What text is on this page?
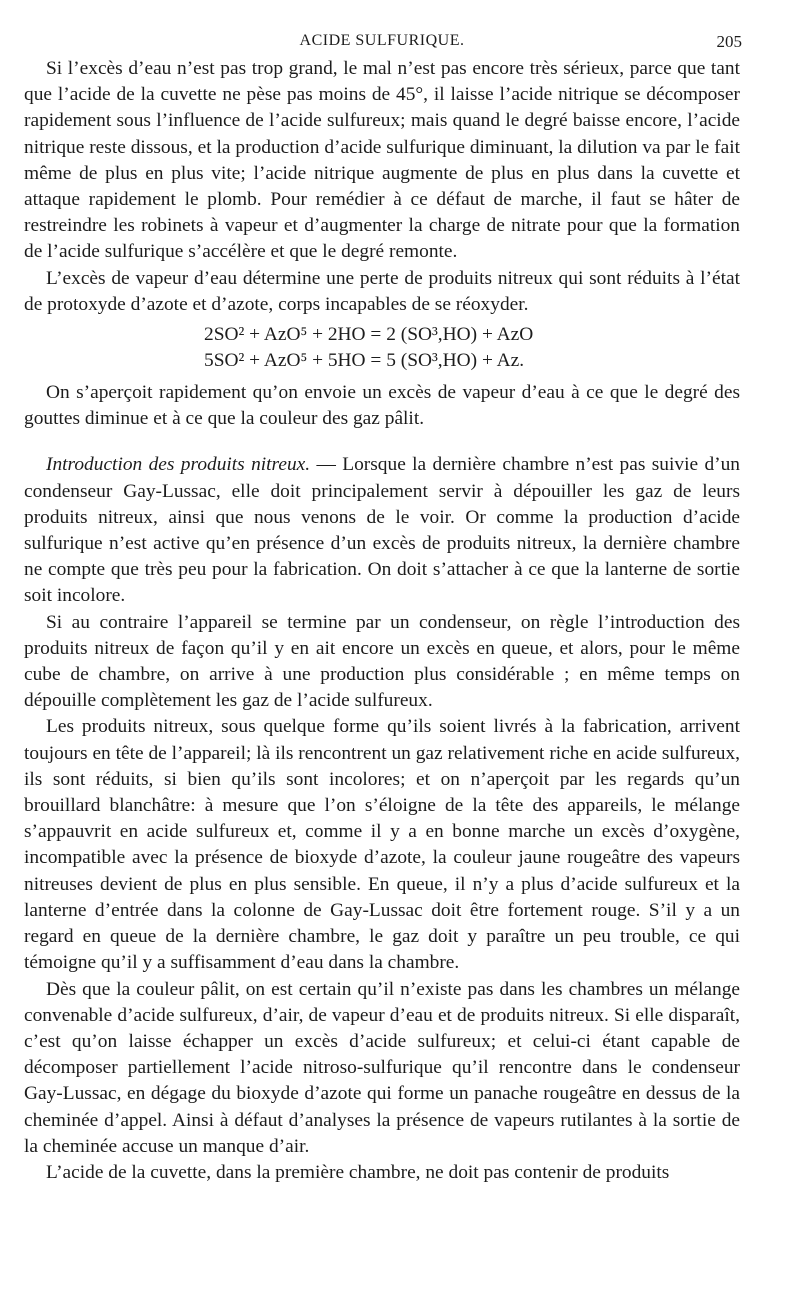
ACIDE SULFURIQUE.	205

Si l’excès d’eau n’est pas trop grand, le mal n’est pas encore très sérieux, parce que tant que l’acide de la cuvette ne pèse pas moins de 45°, il laisse l’acide nitrique se décomposer rapidement sous l’influence de l’acide sulfureux; mais quand le degré baisse encore, l’acide nitrique reste dissous, et la production d’acide sulfurique diminuant, la dilution va par le fait même de plus en plus vite; l’acide nitrique augmente de plus en plus dans la cuvette et attaque rapidement le plomb. Pour remédier à ce défaut de marche, il faut se hâter de restreindre les robinets à vapeur et d’augmenter la charge de nitrate pour que la formation de l’acide sulfurique s’accélère et que le degré remonte.

L’excès de vapeur d’eau détermine une perte de produits nitreux qui sont réduits à l’état de protoxyde d’azote et d’azote, corps incapables de se réoxyder.

2SO² + AzO⁵ + 2HO = 2 (SO³,HO) + AzO
5SO² + AzO⁵ + 5HO = 5 (SO³,HO) + Az.

On s’aperçoit rapidement qu’on envoie un excès de vapeur d’eau à ce que le degré des gouttes diminue et à ce que la couleur des gaz pâlit.

Introduction des produits nitreux. — Lorsque la dernière chambre n’est pas suivie d’un condenseur Gay-Lussac, elle doit principalement servir à dépouiller les gaz de leurs produits nitreux, ainsi que nous venons de le voir. Or comme la production d’acide sulfurique n’est active qu’en présence d’un excès de produits nitreux, la dernière chambre ne compte que très peu pour la fabrication. On doit s’attacher à ce que la lanterne de sortie soit incolore.

Si au contraire l’appareil se termine par un condenseur, on règle l’introduction des produits nitreux de façon qu’il y en ait encore un excès en queue, et alors, pour le même cube de chambre, on arrive à une production plus considérable ; en même temps on dépouille complètement les gaz de l’acide sulfureux.

Les produits nitreux, sous quelque forme qu’ils soient livrés à la fabrication, arrivent toujours en tête de l’appareil; là ils rencontrent un gaz relativement riche en acide sulfureux, ils sont réduits, si bien qu’ils sont incolores; et on n’aperçoit par les regards qu’un brouillard blanchâtre: à mesure que l’on s’éloigne de la tête des appareils, le mélange s’appauvrit en acide sulfureux et, comme il y a en bonne marche un excès d’oxygène, incompatible avec la présence de bioxyde d’azote, la couleur jaune rougeâtre des vapeurs nitreuses devient de plus en plus sensible. En queue, il n’y a plus d’acide sulfureux et la lanterne d’entrée dans la colonne de Gay-Lussac doit être fortement rouge. S’il y a un regard en queue de la dernière chambre, le gaz doit y paraître un peu trouble, ce qui témoigne qu’il y a suffisamment d’eau dans la chambre.

Dès que la couleur pâlit, on est certain qu’il n’existe pas dans les chambres un mélange convenable d’acide sulfureux, d’air, de vapeur d’eau et de produits nitreux. Si elle disparaît, c’est qu’on laisse échapper un excès d’acide sulfureux; et celui-ci étant capable de décomposer partiellement l’acide nitroso-sulfurique qu’il rencontre dans le condenseur Gay-Lussac, en dégage du bioxyde d’azote qui forme un panache rougeâtre en dessus de la cheminée d’appel. Ainsi à défaut d’analyses la présence de vapeurs rutilantes à la sortie de la cheminée accuse un manque d’air.

L’acide de la cuvette, dans la première chambre, ne doit pas contenir de produits
